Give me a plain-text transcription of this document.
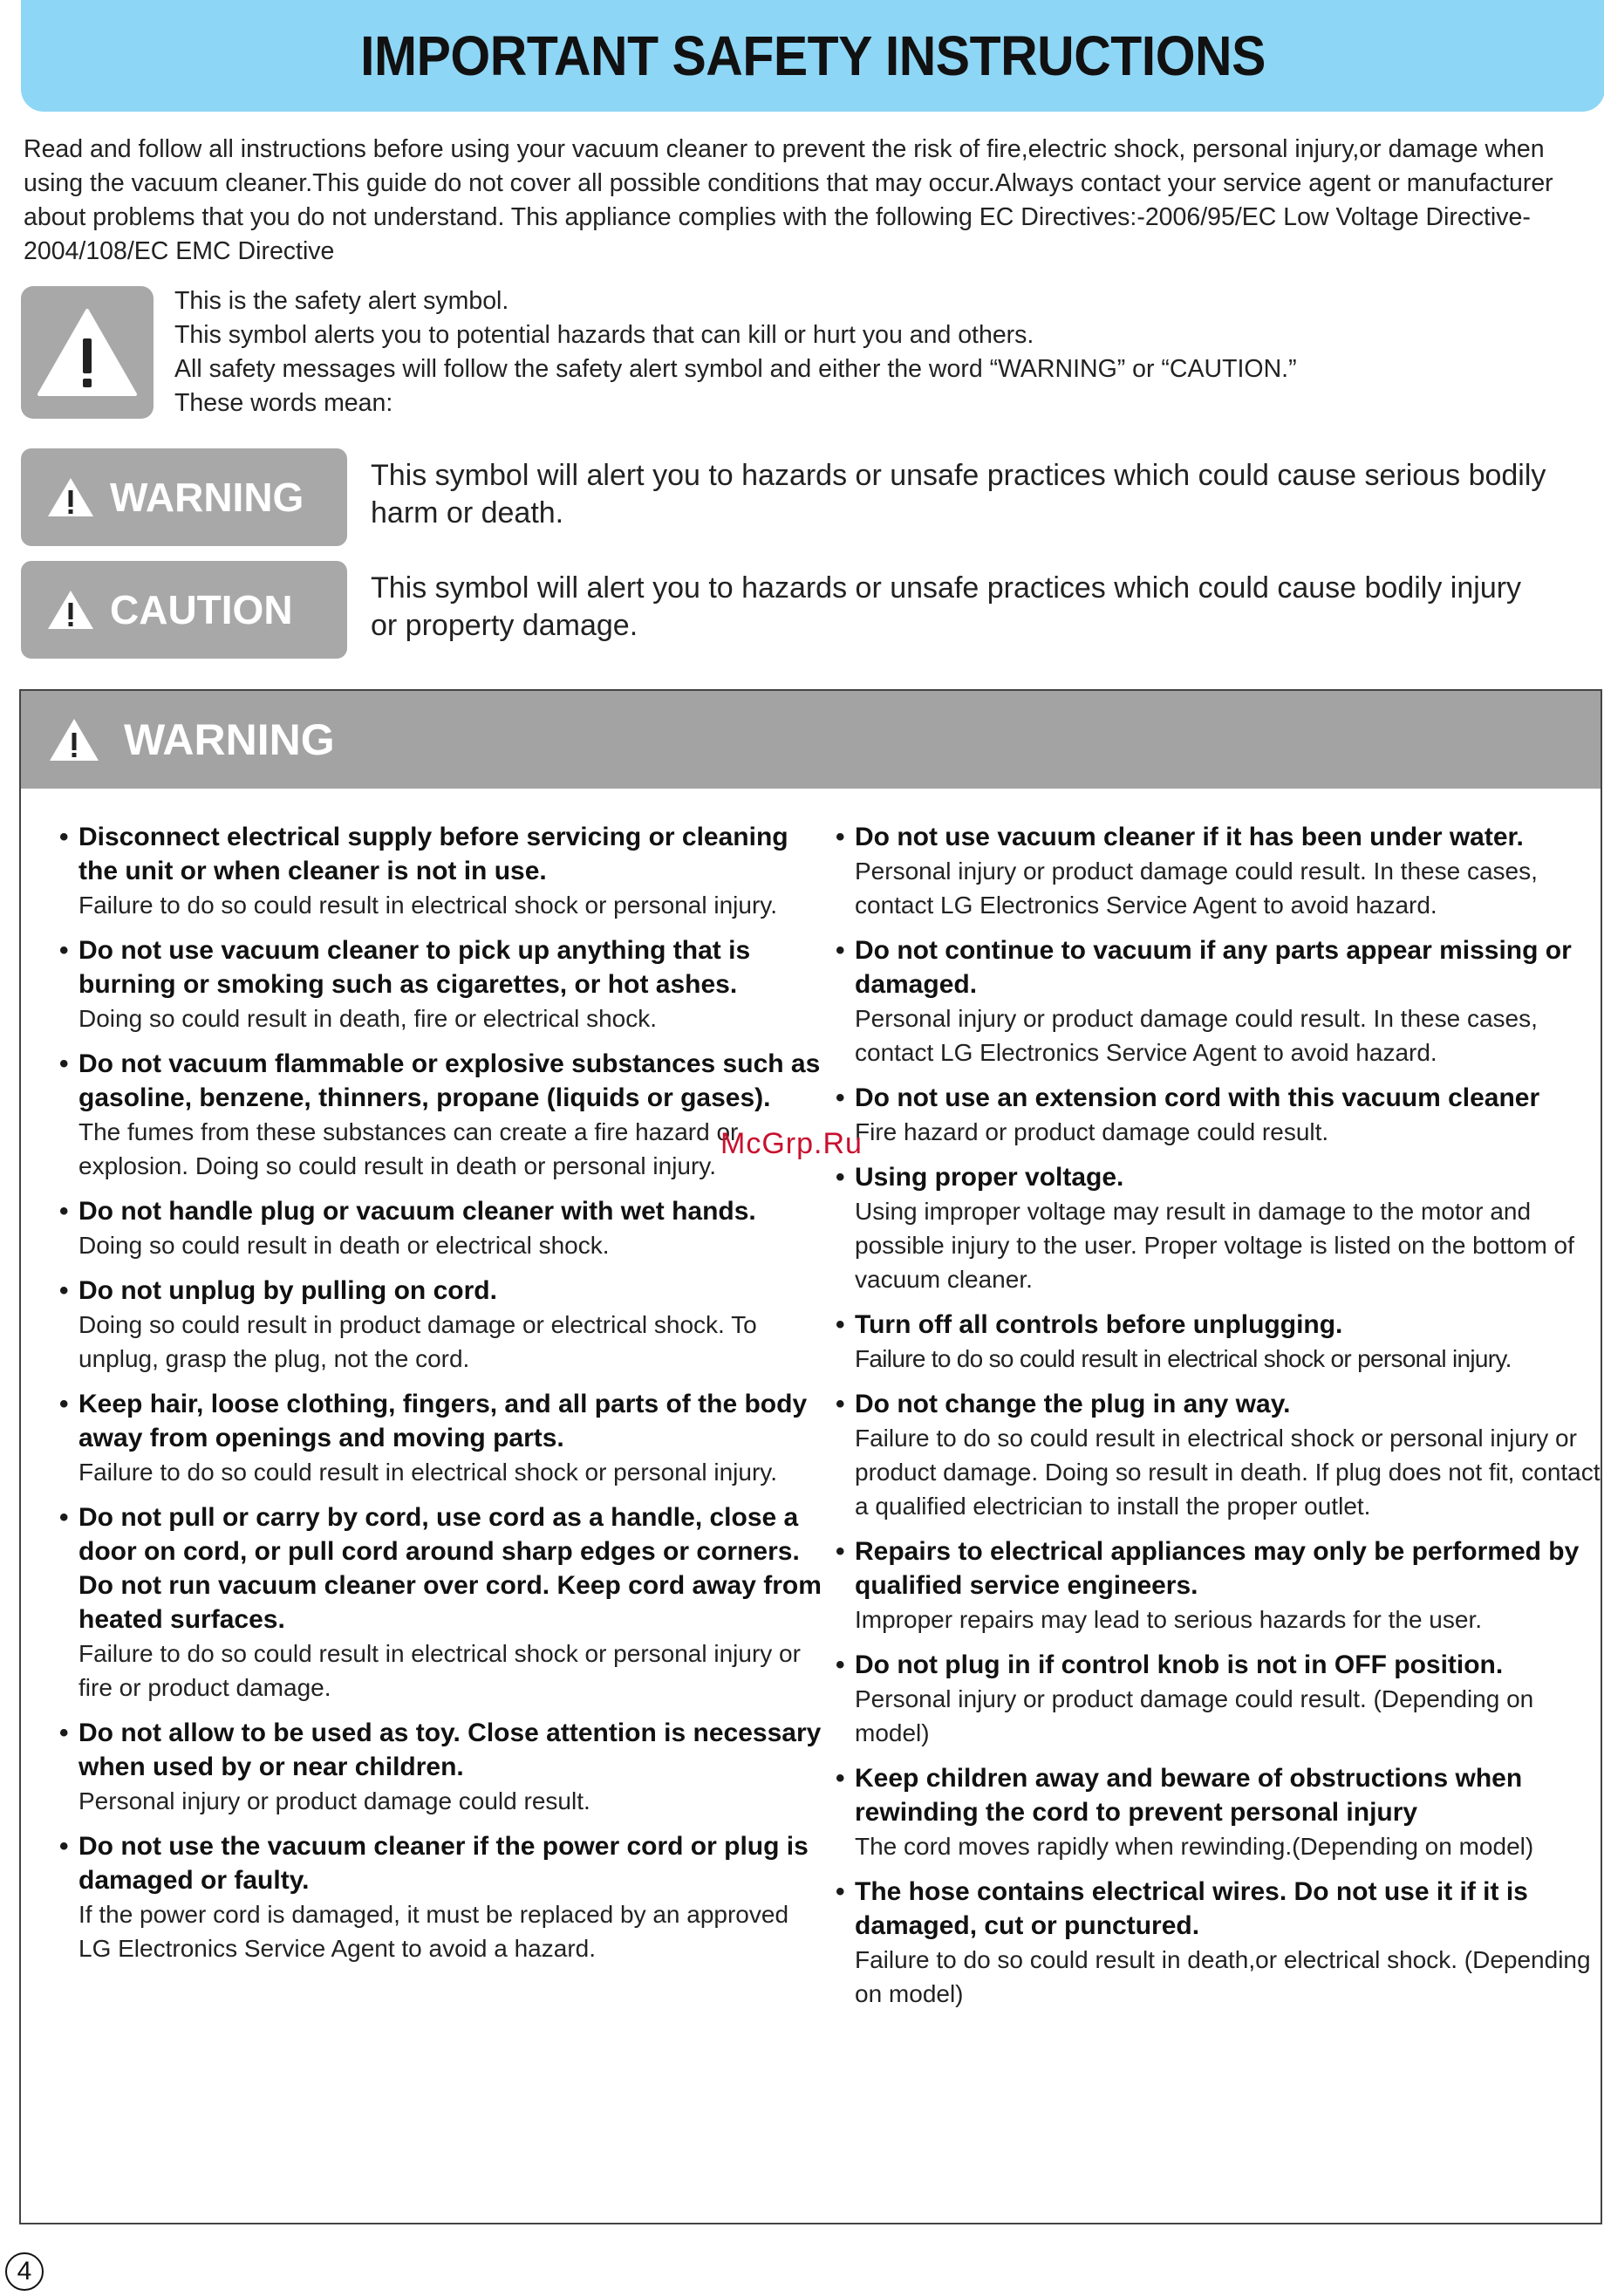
IMPORTANT SAFETY INSTRUCTIONS

Read and follow all instructions before using your vacuum cleaner to prevent the risk of fire,electric shock, personal injury,or damage when using the vacuum cleaner.This guide do not cover all possible conditions that may occur.Always contact your service agent or manufacturer about problems that you do not understand. This appliance complies with the following EC Directives:-2006/95/EC Low Voltage Directive-2004/108/EC EMC Directive

This is the safety alert symbol.
This symbol alerts you to potential hazards that can kill or hurt you and others.
All safety messages will follow the safety alert symbol and either the word “WARNING” or “CAUTION.”
These words mean:
WARNING This symbol will alert you to hazards or unsafe practices which could cause serious bodily harm or death.

CAUTION	This symbol will alert you to hazards or unsafe practices which could cause bodily injury or property damage.

WARNING
• Disconnect electrical supply before servicing or cleaning the unit or when cleaner is not in use.
Failure to do so could result in electrical shock or personal injury.
• Do not use vacuum cleaner to pick up anything that is burning or smoking such as cigarettes, or hot ashes.
Doing so could result in death, fire or electrical shock.
• Do not vacuum flammable or explosive substances such as gasoline, benzene, thinners, propane (liquids or gases).
The fumes from these substances can create a fire hazard or explosion. Doing so could result in death or personal injury.
• Do not handle plug or vacuum cleaner with wet hands.
Doing so could result in death or electrical shock.
• Do not unplug by pulling on cord.
Doing so could result in product damage or electrical shock. To unplug, grasp the plug, not the cord.
• Keep hair, loose clothing, fingers, and all parts of the body away from openings and moving parts.
Failure to do so could result in electrical shock or personal injury.
• Do not pull or carry by cord, use cord as a handle, close a door on cord, or pull cord around sharp edges or corners. Do not run vacuum cleaner over cord. Keep cord away from heated surfaces.
Failure to do so could result in electrical shock or personal injury or fire or product damage.
• Do not allow to be used as toy. Close attention is necessary when used by or near children.
Personal injury or product damage could result.
• Do not use the vacuum cleaner if the power cord or plug is damaged or faulty.
If the power cord is damaged, it must be replaced by an approved LG Electronics Service Agent to avoid a hazard.
• Do not use vacuum cleaner if it has been under water.
Personal injury or product damage could result. In these cases, contact LG Electronics Service Agent to avoid hazard.
• Do not continue to vacuum if any parts appear missing or damaged.
Personal injury or product damage could result. In these cases, contact LG Electronics Service Agent to avoid hazard.
• Do not use an extension cord with this vacuum cleaner
Fire hazard or product damage could result.
• Using proper voltage.
Using improper voltage may result in damage to the motor and possible injury to the user. Proper voltage is listed on the bottom of vacuum cleaner.
• Turn off all controls before unplugging.
Failure to do so could result in electrical shock or personal injury.
• Do not change the plug in any way.
Failure to do so could result in electrical shock or personal injury or product damage. Doing so result in death. If plug does not fit, contact a qualified electrician to install the proper outlet.
• Repairs to electrical appliances may only be performed by qualified service engineers.
Improper repairs may lead to serious hazards for the user.
• Do not plug in if control knob is not in OFF position.
Personal injury or product damage could result. (Depending on model)
• Keep children away and beware of obstructions when rewinding the cord to prevent personal injury
The cord moves rapidly when rewinding.(Depending on model)
• The hose contains electrical wires. Do not use it if it is damaged, cut or punctured.
Failure to do so could result in death,or electrical shock. (Depending on model)
McGrp.Ru
4
